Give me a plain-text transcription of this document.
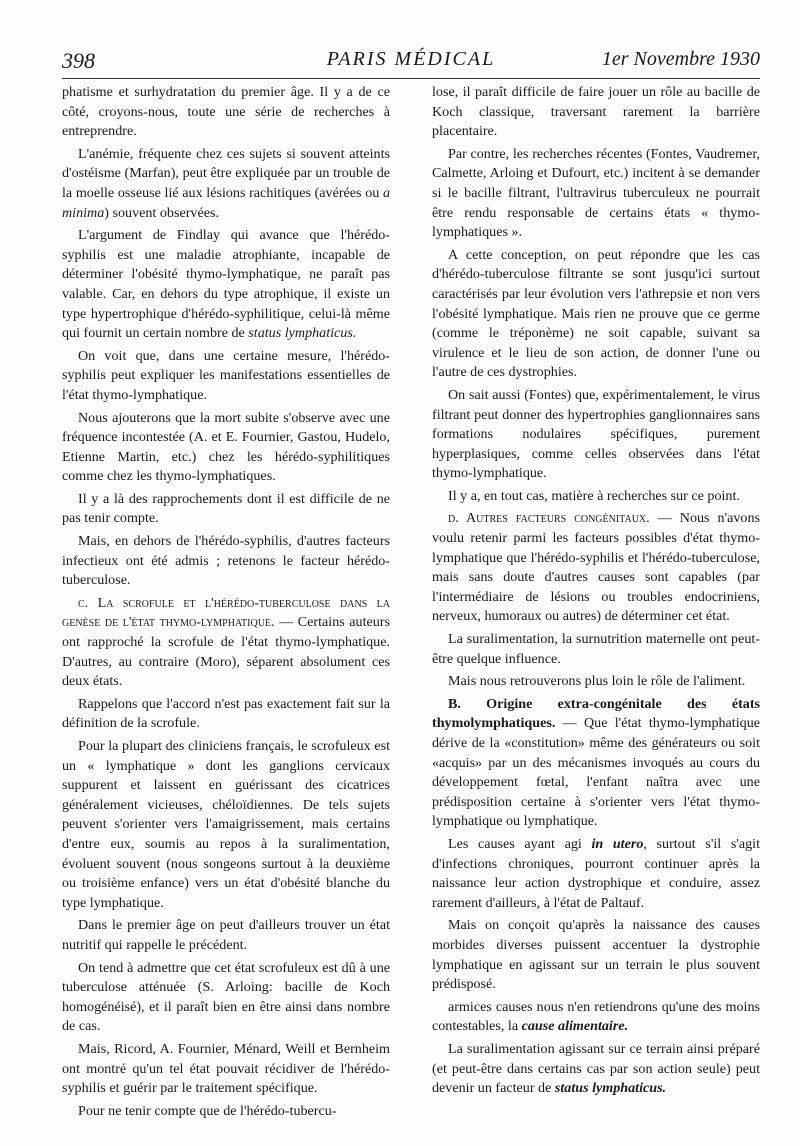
398	PARIS MÉDICAL	1er Novembre 1930

phatisme et surhydratation du premier âge. Il y a de ce côté, croyons-nous, toute une série de recherches à entreprendre.

L'anémie, fréquente chez ces sujets si souvent atteints d'ostéisme (Marfan), peut être expliquée par un trouble de la moelle osseuse lié aux lésions rachitiques (avérées ou a minima) souvent observées.

L'argument de Findlay qui avance que l'hérédo-syphilis est une maladie atrophiante, incapable de déterminer l'obésité thymo-lymphatique, ne paraît pas valable. Car, en dehors du type atrophique, il existe un type hypertrophique d'hérédo-syphilitique, celui-là même qui fournit un certain nombre de status lymphaticus.

On voit que, dans une certaine mesure, l'hérédo-syphilis peut expliquer les manifestations essentielles de l'état thymo-lymphatique.

Nous ajouterons que la mort subite s'observe avec une fréquence incontestée (A. et E. Fournier, Gastou, Hudelo, Etienne Martin, etc.) chez les hérédo-syphilitiques comme chez les thymo-lymphatiques.

Il y a là des rapprochements dont il est difficile de ne pas tenir compte.

Mais, en dehors de l'hérédo-syphilis, d'autres facteurs infectieux ont été admis ; retenons le facteur hérédo-tuberculose.

c. La scrofule et l'hérédo-tuberculose dans la genèse de l'état thymo-lymphatique. — Certains auteurs ont rapproché la scrofule de l'état thymo-lymphatique. D'autres, au contraire (Moro), séparent absolument ces deux états.

Rappelons que l'accord n'est pas exactement fait sur la définition de la scrofule.

Pour la plupart des cliniciens français, le scrofuleux est un « lymphatique » dont les ganglions cervicaux suppurent et laissent en guérissant des cicatrices généralement vicieuses, chéloïdiennes. De tels sujets peuvent s'orienter vers l'amaigrissement, mais certains d'entre eux, soumis au repos à la suralimentation, évoluent souvent (nous songeons surtout à la deuxième ou troisième enfance) vers un état d'obésité blanche du type lymphatique.

Dans le premier âge on peut d'ailleurs trouver un état nutritif qui rappelle le précédent.

On tend à admettre que cet état scrofuleux est dû à une tuberculose atténuée (S. Arloing: bacille de Koch homogénéisé), et il paraît bien en être ainsi dans nombre de cas.

Mais, Ricord, A. Fournier, Ménard, Weill et Bernheim ont montré qu'un tel état pouvait récidiver de l'hérédo-syphilis et guérir par le traitement spécifique.

Pour ne tenir compte que de l'hérédo-tubercu-

lose, il paraît difficile de faire jouer un rôle au bacille de Koch classique, traversant rarement la barrière placentaire.

Par contre, les recherches récentes (Fontes, Vaudremer, Calmette, Arloing et Dufourt, etc.) incitent à se demander si le bacille filtrant, l'ultravirus tuberculeux ne pourrait être rendu responsable de certains états « thymo-lymphatiques ».

A cette conception, on peut répondre que les cas d'hérédo-tuberculose filtrante se sont jusqu'ici surtout caractérisés par leur évolution vers l'athrepsie et non vers l'obésité lymphatique. Mais rien ne prouve que ce germe (comme le tréponème) ne soit capable, suivant sa virulence et le lieu de son action, de donner l'une ou l'autre de ces dystrophies.

On sait aussi (Fontes) que, expérimentalement, le virus filtrant peut donner des hypertrophies ganglionnaires sans formations nodulaires spécifiques, purement hyperplasiques, comme celles observées dans l'état thymo-lymphatique.

Il y a, en tout cas, matière à recherches sur ce point.

d. Autres facteurs congénitaux. — Nous n'avons voulu retenir parmi les facteurs possibles d'état thymo-lymphatique que l'hérédo-syphilis et l'hérédo-tuberculose, mais sans doute d'autres causes sont capables (par l'intermédiaire de lésions ou troubles endocriniens, nerveux, humoraux ou autres) de déterminer cet état.

La suralimentation, la surnutrition maternelle ont peut-être quelque influence.

Mais nous retrouverons plus loin le rôle de l'aliment.

B. Origine extra-congénitale des états thymolymphatiques. — Que l'état thymo-lymphatique dérive de la «constitution» même des générateurs ou soit «acquis» par un des mécanismes invoqués au cours du développement fœtal, l'enfant naîtra avec une prédisposition certaine à s'orienter vers l'état thymo-lymphatique ou lymphatique.

Les causes ayant agi in utero, surtout s'il s'agit d'infections chroniques, pourront continuer après la naissance leur action dystrophique et conduire, assez rarement d'ailleurs, à l'état de Paltauf.

Mais on conçoit qu'après la naissance des causes morbides diverses puissent accentuer la dystrophie lymphatique en agissant sur un terrain le plus souvent prédisposé.

armices causes nous n'en retiendrons qu'une des moins contestables, la cause alimentaire.

La suralimentation agissant sur ce terrain ainsi préparé (et peut-être dans certains cas par son action seule) peut devenir un facteur de status lymphaticus.
